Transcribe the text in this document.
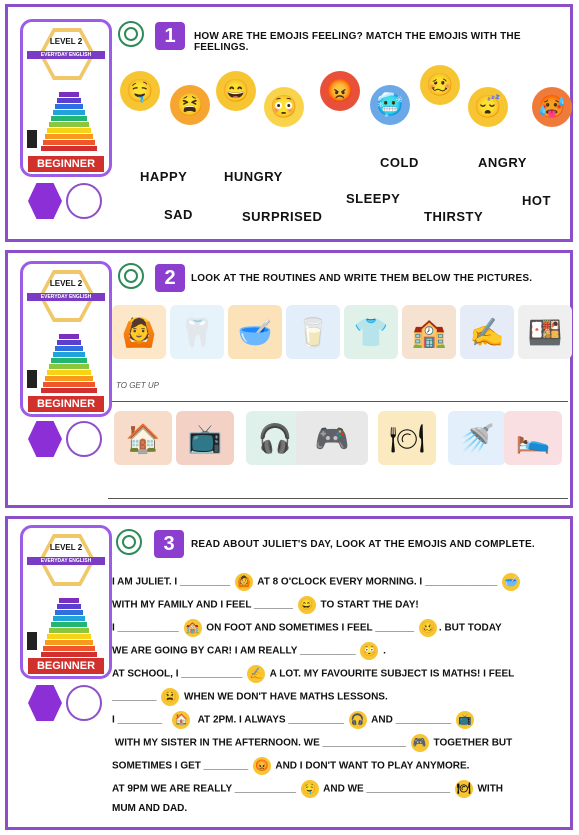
LEVEL 2
EVERYDAY ENGLISH
BEGINNER
1	HOW ARE THE EMOJIS FEELING? MATCH THE EMOJIS WITH THE FEELINGS.
🤤
😫
😄
😳
😡
🥶
🥴
😴 🥵
HAPPY	HUNGRY
COLD	ANGRY
SAD	SURPRISED
SLEEPY
THIRSTY
HOT
LEVEL 2
EVERYDAY ENGLISH
BEGINNER
2	LOOK AT THE ROUTINES AND WRITE THEM BELOW THE PICTURES.
🙆 🦷 🥣 🥛 👕 🏫 ✍ 🍱
TO GET UP
🏠 📺	🎧 🎮	🍽	🚿 🛌
LEVEL 2
EVERYDAY ENGLISH
BEGINNER
3	READ ABOUT JULIET'S DAY, LOOK AT THE EMOJIS AND COMPLETE.
I AM JULIET. I _________ 🙆 AT 8 O'CLOCK EVERY MORNING. I _____________ 🥣
WITH MY FAMILY AND I FEEL _______ 😄 TO START THE DAY!
I ___________ 🏫 ON FOOT AND SOMETIMES I FEEL _______ 🥴 . BUT TODAY
WE ARE GOING BY CAR! I AM REALLY __________ 😳 .
AT SCHOOL, I ___________ ✍ A LOT. MY FAVOURITE SUBJECT IS MATHS! I FEEL
________ 😫 WHEN WE DON'T HAVE MATHS LESSONS.
I ________   🏠  AT 2PM. I ALWAYS __________ 🎧 AND __________ 📺
WITH MY SISTER IN THE AFTERNOON. WE _______________ 🎮 TOGETHER BUT
SOMETIMES I GET ________ 😡 AND I DON'T WANT TO PLAY ANYMORE.
AT 9PM WE ARE REALLY ___________ 🤤 AND WE _______________ 🍽 WITH
MUM AND DAD.
